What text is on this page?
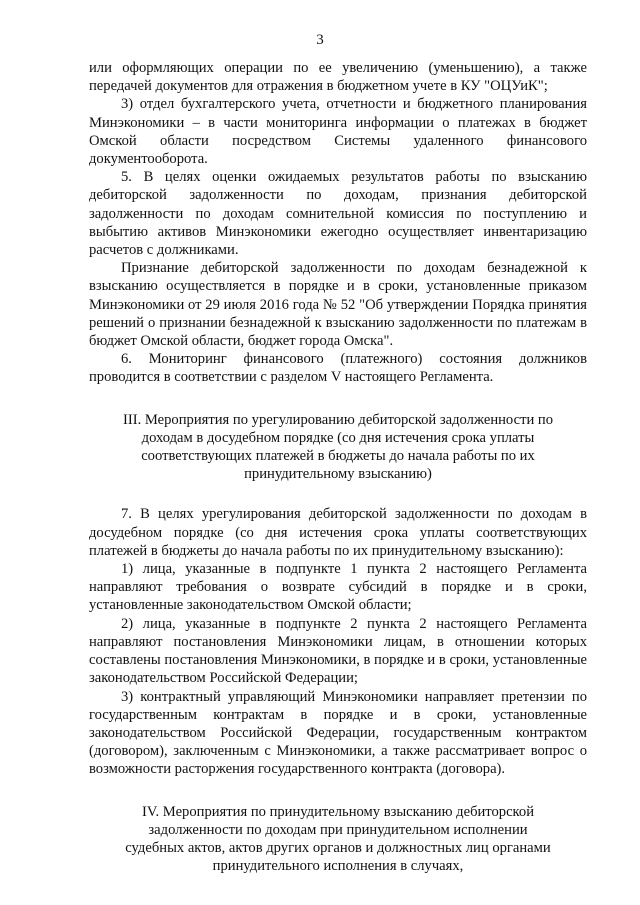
3

или оформляющих операции по ее увеличению (уменьшению), а также передачей документов для отражения в бюджетном учете в КУ "ОЦУиК";

3) отдел бухгалтерского учета, отчетности и бюджетного планирования Минэкономики – в части мониторинга информации о платежах в бюджет Омской области посредством Системы удаленного финансового документооборота.

5. В целях оценки ожидаемых результатов работы по взысканию дебиторской задолженности по доходам, признания дебиторской задолженности по доходам сомнительной комиссия по поступлению и выбытию активов Минэкономики ежегодно осуществляет инвентаризацию расчетов с должниками.

Признание дебиторской задолженности по доходам безнадежной к взысканию осуществляется в порядке и в сроки, установленные приказом Минэкономики от 29 июля 2016 года № 52 "Об утверждении Порядка принятия решений о признании безнадежной к взысканию задолженности по платежам в бюджет Омской области, бюджет города Омска".

6. Мониторинг финансового (платежного) состояния должников проводится в соответствии с разделом V настоящего Регламента.

III. Мероприятия по урегулированию дебиторской задолженности по доходам в досудебном порядке (со дня истечения срока уплаты соответствующих платежей в бюджеты до начала работы по их принудительному взысканию)

7. В целях урегулирования дебиторской задолженности по доходам в досудебном порядке (со дня истечения срока уплаты соответствующих платежей в бюджеты до начала работы по их принудительному взысканию):

1) лица, указанные в подпункте 1 пункта 2 настоящего Регламента направляют требования о возврате субсидий в порядке и в сроки, установленные законодательством Омской области;

2) лица, указанные в подпункте 2 пункта 2 настоящего Регламента направляют постановления Минэкономики лицам, в отношении которых составлены постановления Минэкономики, в порядке и в сроки, установленные законодательством Российской Федерации;

3) контрактный управляющий Минэкономики направляет претензии по государственным контрактам в порядке и в сроки, установленные законодательством Российской Федерации, государственным контрактом (договором), заключенным с Минэкономики, а также рассматривает вопрос о возможности расторжения государственного контракта (договора).

IV. Мероприятия по принудительному взысканию дебиторской задолженности по доходам при принудительном исполнении судебных актов, актов других органов и должностных лиц органами принудительного исполнения в случаях,
